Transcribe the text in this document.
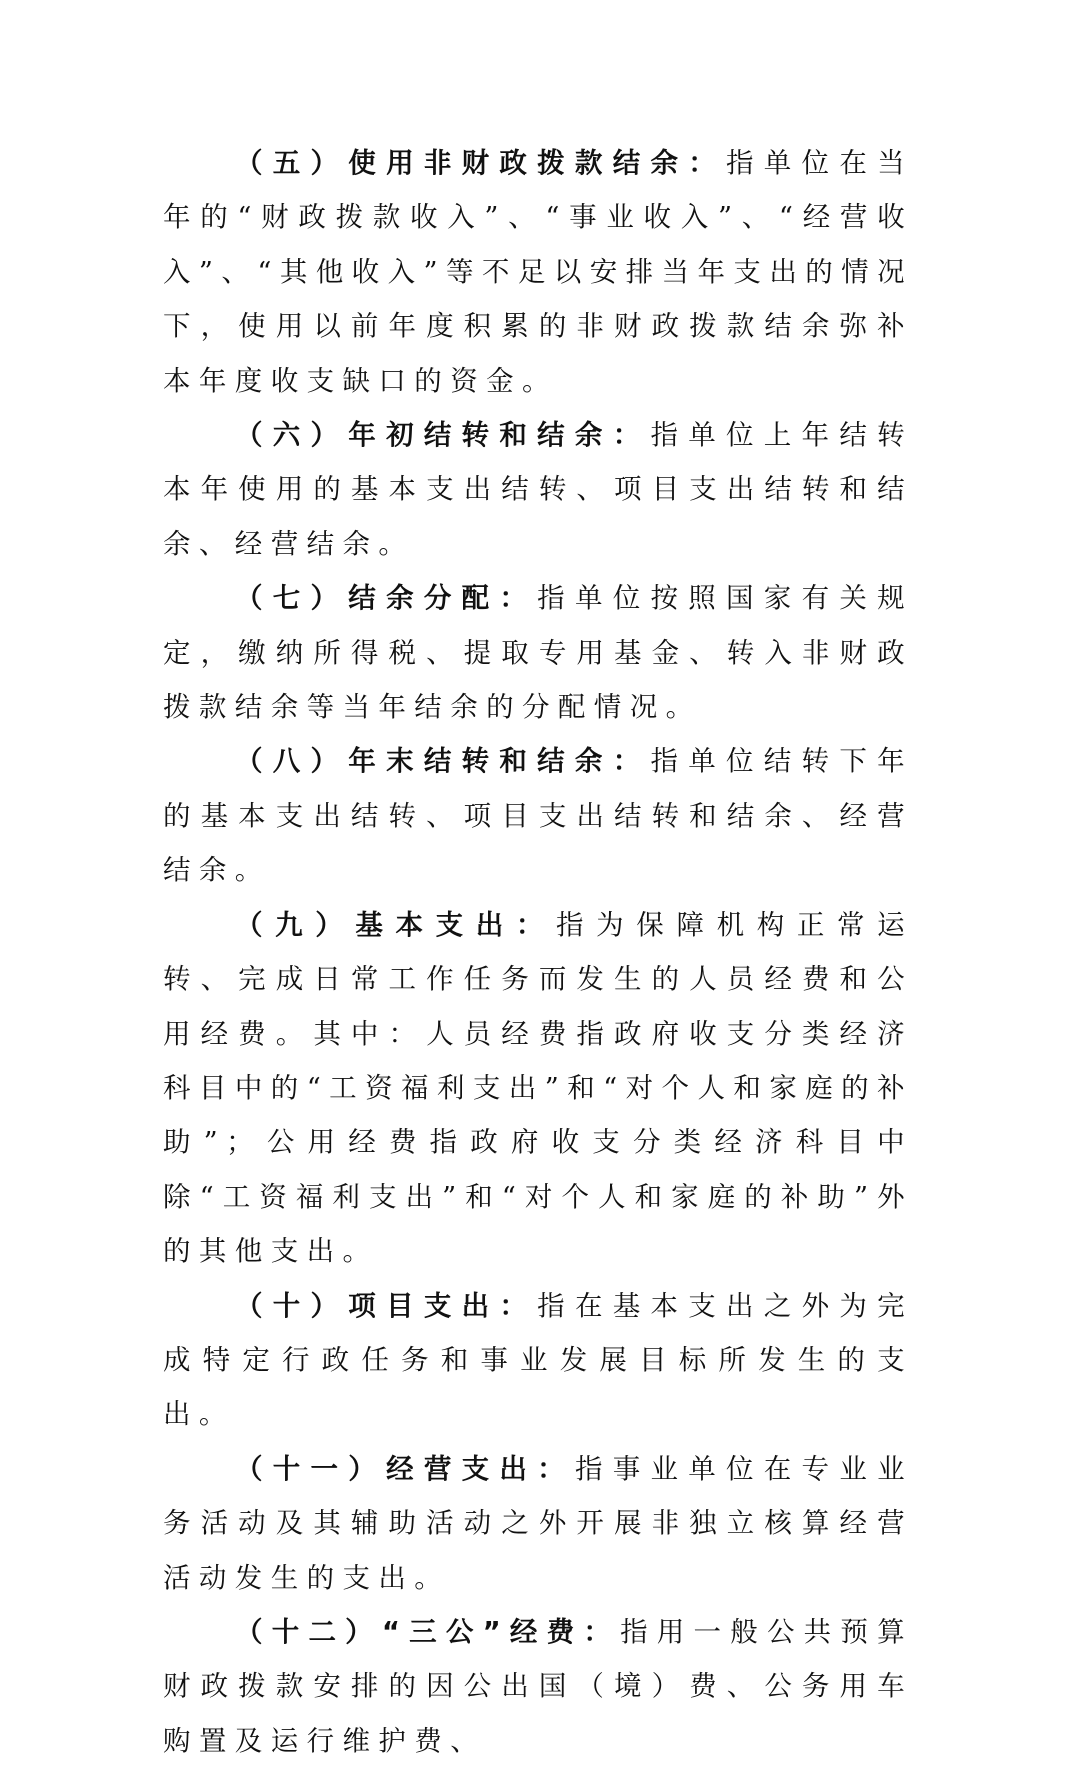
（五）使用非财政拨款结余：指单位在当年的“财政拨款收入”、“事业收入”、“经营收入”、“其他收入”等不足以安排当年支出的情况下，使用以前年度积累的非财政拨款结余弥补本年度收支缺口的资金。

（六）年初结转和结余：指单位上年结转本年使用的基本支出结转、项目支出结转和结余、经营结余。

（七）结余分配：指单位按照国家有关规定，缴纳所得税、提取专用基金、转入非财政拨款结余等当年结余的分配情况。

（八）年末结转和结余：指单位结转下年的基本支出结转、项目支出结转和结余、经营结余。

（九）基本支出：指为保障机构正常运转、完成日常工作任务而发生的人员经费和公用经费。其中：人员经费指政府收支分类经济科目中的“工资福利支出”和“对个人和家庭的补助”；公用经费指政府收支分类经济科目中除“工资福利支出”和“对个人和家庭的补助”外的其他支出。

（十）项目支出：指在基本支出之外为完成特定行政任务和事业发展目标所发生的支出。

（十一）经营支出：指事业单位在专业业务活动及其辅助活动之外开展非独立核算经营活动发生的支出。

（十二）“三公”经费：指用一般公共预算财政拨款安排的因公出国（境）费、公务用车购置及运行维护费、
